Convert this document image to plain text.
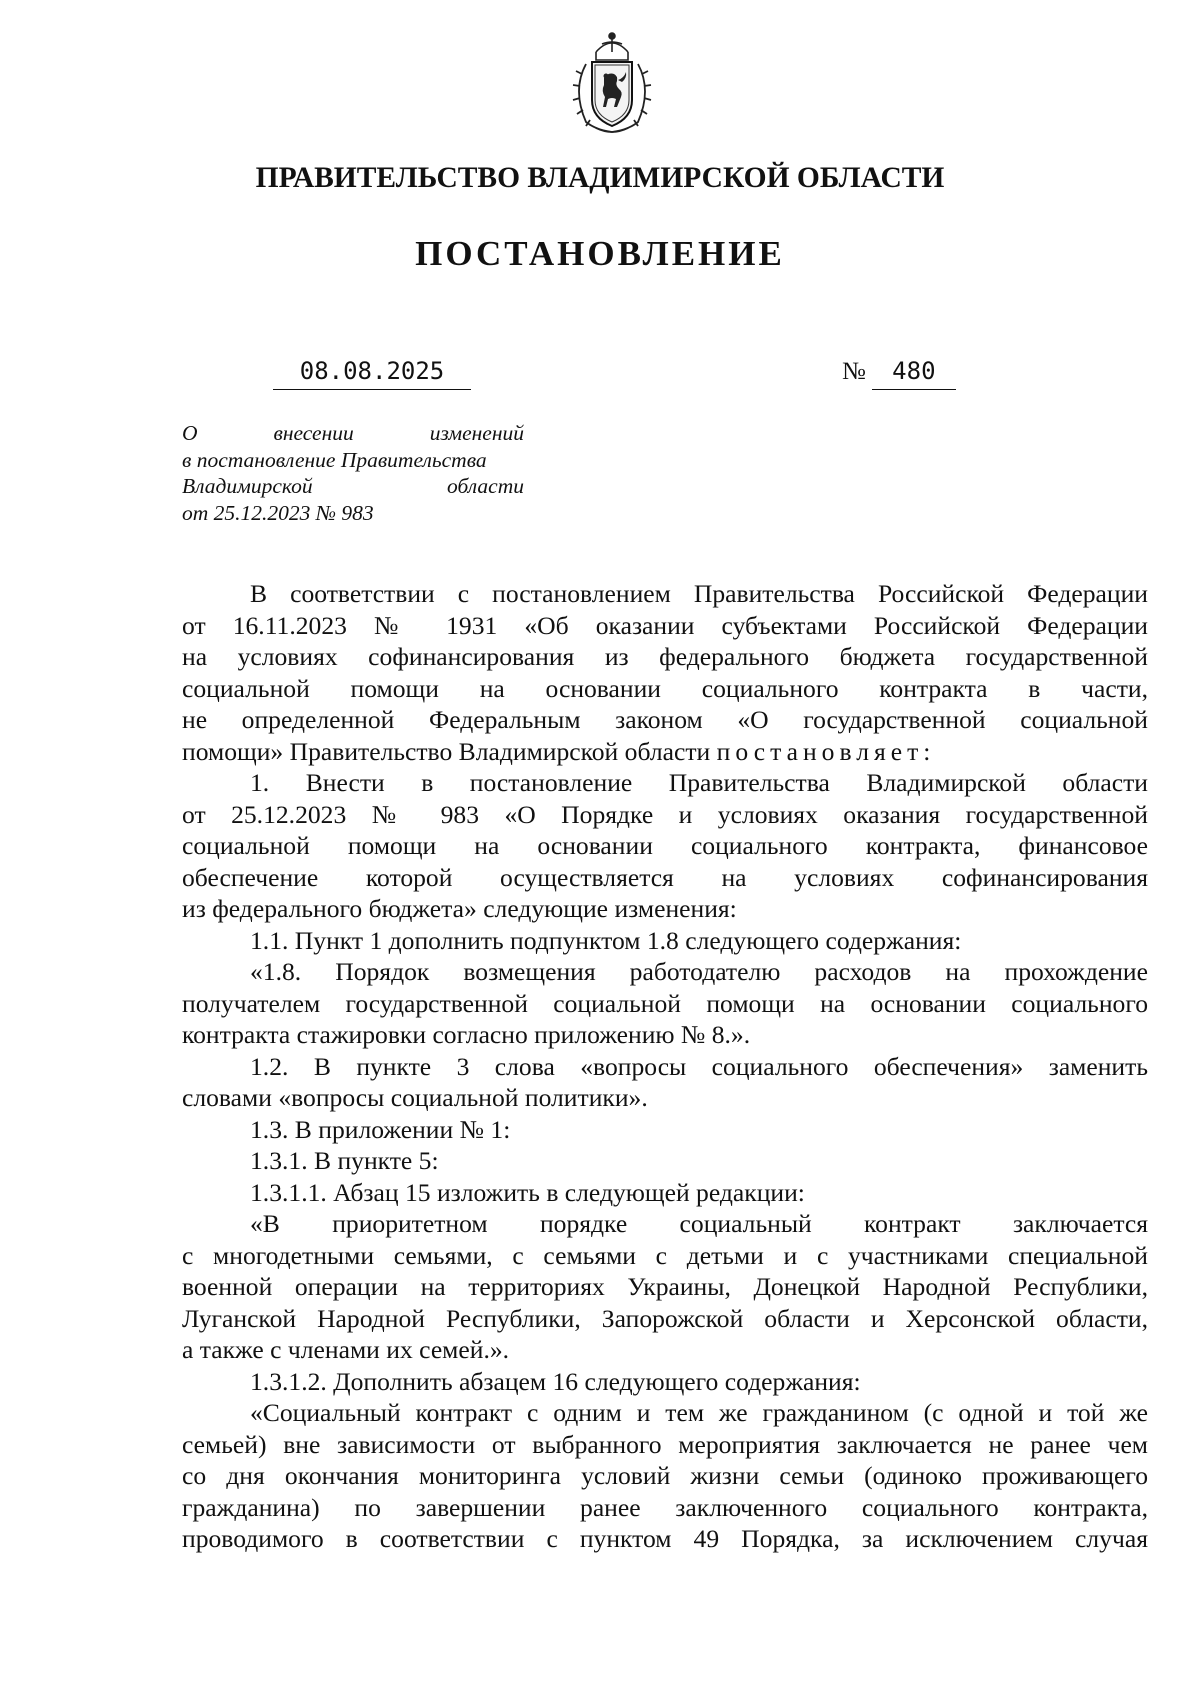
ПРАВИТЕЛЬСТВО ВЛАДИМИРСКОЙ ОБЛАСТИ
ПОСТАНОВЛЕНИЕ
08.08.2025	№ 480
О внесении изменений
в постановление Правительства
Владимирской области
от 25.12.2023 № 983
В соответствии с постановлением Правительства Российской Федерации
от 16.11.2023 № 1931 «Об оказании субъектами Российской Федерации
на условиях софинансирования из федерального бюджета государственной
социальной помощи на основании социального контракта в части,
не определенной Федеральным законом «О государственной социальной
помощи» Правительство Владимирской области постановляет:
1. Внести в постановление Правительства Владимирской области
от 25.12.2023 № 983 «О Порядке и условиях оказания государственной
социальной помощи на основании социального контракта, финансовое
обеспечение которой осуществляется на условиях софинансирования
из федерального бюджета» следующие изменения:
1.1. Пункт 1 дополнить подпунктом 1.8 следующего содержания:
«1.8. Порядок возмещения работодателю расходов на прохождение
получателем государственной социальной помощи на основании социального
контракта стажировки согласно приложению № 8.».
1.2. В пункте 3 слова «вопросы социального обеспечения» заменить
словами «вопросы социальной политики».
1.3. В приложении № 1:
1.3.1. В пункте 5:
1.3.1.1. Абзац 15 изложить в следующей редакции:
«В приоритетном порядке социальный контракт заключается
с многодетными семьями, с семьями с детьми и с участниками специальной
военной операции на территориях Украины, Донецкой Народной Республики,
Луганской Народной Республики, Запорожской области и Херсонской области,
а также с членами их семей.».
1.3.1.2. Дополнить абзацем 16 следующего содержания:
«Социальный контракт с одним и тем же гражданином (с одной и той же
семьей) вне зависимости от выбранного мероприятия заключается не ранее чем
со дня окончания мониторинга условий жизни семьи (одиноко проживающего
гражданина) по завершении ранее заключенного социального контракта,
проводимого в соответствии с пунктом 49 Порядка, за исключением случая
